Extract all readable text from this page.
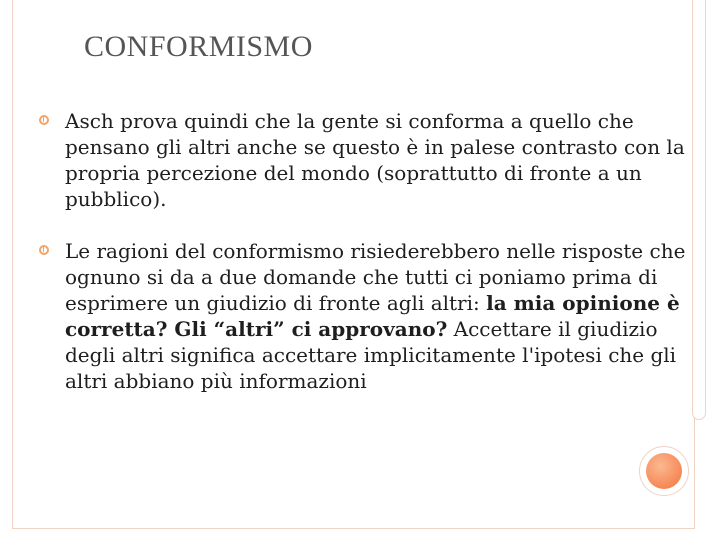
CONFORMISMO
Asch prova quindi che la gente si conforma a quello che pensano gli altri anche se questo è in palese contrasto con la propria percezione del mondo (soprattutto di fronte a un pubblico).
Le ragioni del conformismo risiederebbero nelle risposte che ognuno si da a due domande che tutti ci poniamo prima di esprimere un giudizio di fronte agli altri: la mia opinione è corretta? Gli “altri” ci approvano? Accettare il giudizio degli altri significa accettare implicitamente l'ipotesi che gli altri abbiano più informazioni
